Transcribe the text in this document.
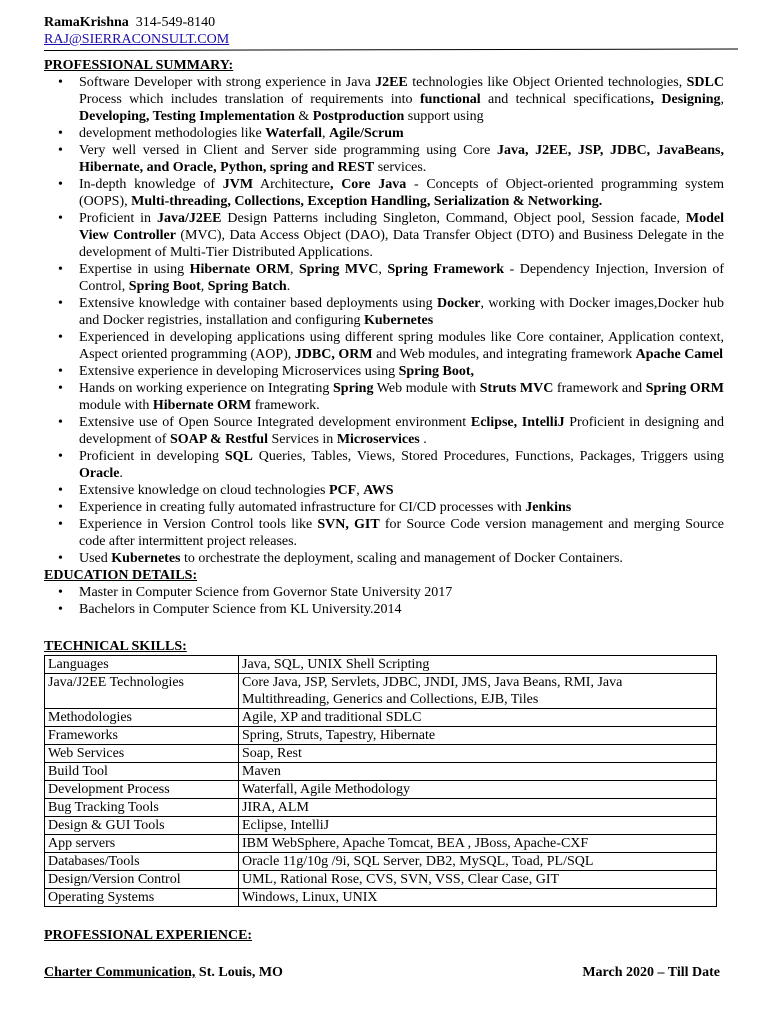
RamaKrishna 314-549-8140
RAJ@SIERRACONSULT.COM
PROFESSIONAL SUMMARY:
• Software Developer with strong experience in Java J2EE technologies like Object Oriented technologies, SDLC Process which includes translation of requirements into functional and technical specifications, Designing, Developing, Testing Implementation & Postproduction support using
• development methodologies like Waterfall, Agile/Scrum
• Very well versed in Client and Server side programming using Core Java, J2EE, JSP, JDBC, JavaBeans, Hibernate, and Oracle, Python, spring and REST services.
• In-depth knowledge of JVM Architecture, Core Java - Concepts of Object-oriented programming system (OOPS), Multi-threading, Collections, Exception Handling, Serialization & Networking.
• Proficient in Java/J2EE Design Patterns including Singleton, Command, Object pool, Session facade, Model View Controller (MVC), Data Access Object (DAO), Data Transfer Object (DTO) and Business Delegate in the development of Multi-Tier Distributed Applications.
• Expertise in using Hibernate ORM, Spring MVC, Spring Framework - Dependency Injection, Inversion of Control, Spring Boot, Spring Batch.
• Extensive knowledge with container based deployments using Docker, working with Docker images,Docker hub and Docker registries, installation and configuring Kubernetes
• Experienced in developing applications using different spring modules like Core container, Application context, Aspect oriented programming (AOP), JDBC, ORM and Web modules, and integrating framework Apache Camel
• Extensive experience in developing Microservices using Spring Boot,
• Hands on working experience on Integrating Spring Web module with Struts MVC framework and Spring ORM module with Hibernate ORM framework.
• Extensive use of Open Source Integrated development environment Eclipse, IntelliJ Proficient in designing and development of SOAP & Restful Services in Microservices .
• Proficient in developing SQL Queries, Tables, Views, Stored Procedures, Functions, Packages, Triggers using Oracle.
• Extensive knowledge on cloud technologies PCF, AWS
• Experience in creating fully automated infrastructure for CI/CD processes with Jenkins
• Experience in Version Control tools like SVN, GIT for Source Code version management and merging Source code after intermittent project releases.
• Used Kubernetes to orchestrate the deployment, scaling and management of Docker Containers.
EDUCATION DETAILS:
• Master in Computer Science from Governor State University 2017
• Bachelors in Computer Science from KL University.2014
TECHNICAL SKILLS:
Languages	Java, SQL, UNIX Shell Scripting
Java/J2EE Technologies	Core Java, JSP, Servlets, JDBC, JNDI, JMS, Java Beans, RMI, Java Multithreading, Generics and Collections, EJB, Tiles
Methodologies	Agile, XP and traditional SDLC
Frameworks	Spring, Struts, Tapestry, Hibernate
Web Services	Soap, Rest
Build Tool	Maven
Development Process	Waterfall, Agile Methodology
Bug Tracking Tools	JIRA, ALM
Design & GUI Tools	Eclipse, IntelliJ
App servers	IBM WebSphere, Apache Tomcat, BEA , JBoss, Apache-CXF
Databases/Tools	Oracle 11g/10g /9i, SQL Server, DB2, MySQL, Toad, PL/SQL
Design/Version Control	UML, Rational Rose, CVS, SVN, VSS, Clear Case, GIT
Operating Systems	Windows, Linux, UNIX
PROFESSIONAL EXPERIENCE:
Charter Communication, St. Louis, MO	March 2020 – Till Date
